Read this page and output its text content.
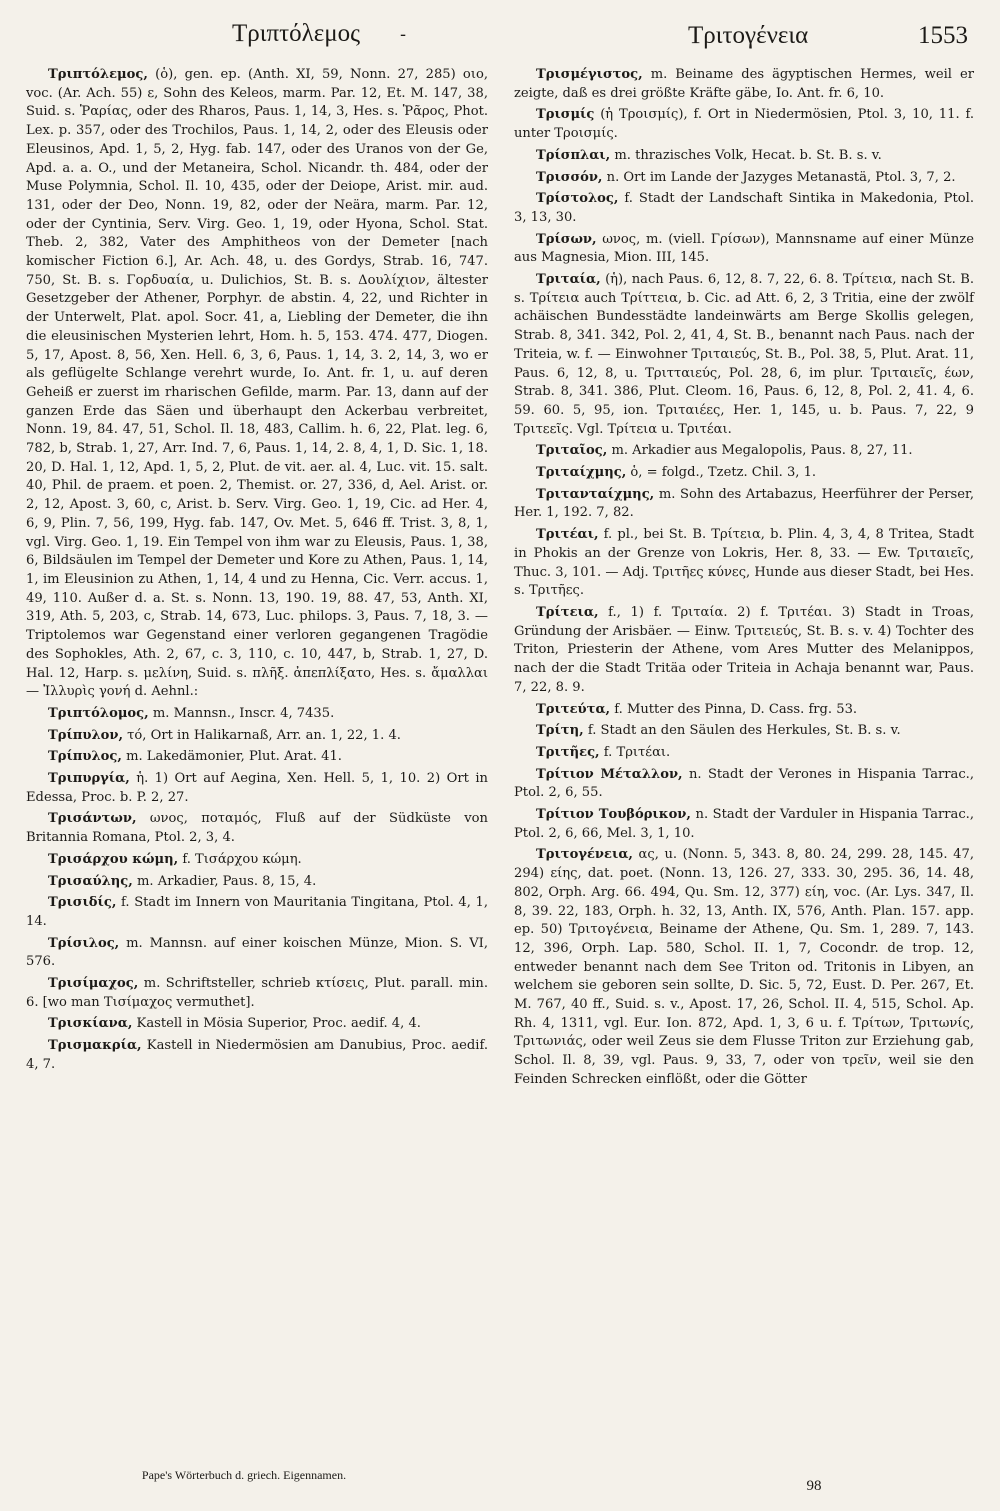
Τριπτόλεμος -	Τριτογένεια	1553

Τριπτόλεμος, (ὁ), gen. ep. (Anth. XI, 59, Nonn. 27, 285) οιο, voc. (Ar. Ach. 55) ε, Sohn des Keleos, marm. Par. 12, Et. M. 147, 38, Suid. s. Ῥαρίας, oder des Rharos, Paus. 1, 14, 3, Hes. s. Ῥᾶρος, Phot. Lex. p. 357, oder des Trochilos, Paus. 1, 14, 2, oder des Eleusis oder Eleusinos, Apd. 1, 5, 2, Hyg. fab. 147, oder des Uranos von der Ge, Apd. a. a. O., und der Metaneira, Schol. Nicandr. th. 484, oder der Muse Polymnia, Schol. Il. 10, 435, oder der Deiope, Arist. mir. aud. 131, oder der Deo, Nonn. 19, 82, oder der Neära, marm. Par. 12, oder der Cyntinia, Serv. Virg. Geo. 1, 19, oder Hyona, Schol. Stat. Theb. 2, 382, Vater des Amphitheos von der Demeter [nach komischer Fiction 6.], Ar. Ach. 48, u. des Gordys, Strab. 16, 747. 750, St. B. s. Γορδυαία, u. Dulichios, St. B. s. Δουλίχιον, ältester Gesetzgeber der Athener, Porphyr. de abstin. 4, 22, und Richter in der Unterwelt, Plat. apol. Socr. 41, a, Liebling der Demeter, die ihn die eleusinischen Mysterien lehrt, Hom. h. 5, 153. 474. 477, Diogen. 5, 17, Apost. 8, 56, Xen. Hell. 6, 3, 6, Paus. 1, 14, 3. 2, 14, 3, wo er als geflügelte Schlange verehrt wurde, Io. Ant. fr. 1, u. auf deren Geheiß er zuerst im rharischen Gefilde, marm. Par. 13, dann auf der ganzen Erde das Säen und überhaupt den Ackerbau verbreitet, Nonn. 19, 84. 47, 51, Schol. Il. 18, 483, Callim. h. 6, 22, Plat. leg. 6, 782, b, Strab. 1, 27, Arr. Ind. 7, 6, Paus. 1, 14, 2. 8, 4, 1, D. Sic. 1, 18. 20, D. Hal. 1, 12, Apd. 1, 5, 2, Plut. de vit. aer. al. 4, Luc. vit. 15. salt. 40, Phil. de praem. et poen. 2, Themist. or. 27, 336, d, Ael. Arist. or. 2, 12, Apost. 3, 60, c, Arist. b. Serv. Virg. Geo. 1, 19, Cic. ad Her. 4, 6, 9, Plin. 7, 56, 199, Hyg. fab. 147, Ov. Met. 5, 646 ff. Trist. 3, 8, 1, vgl. Virg. Geo. 1, 19. Ein Tempel von ihm war zu Eleusis, Paus. 1, 38, 6, Bildsäulen im Tempel der Demeter und Kore zu Athen, Paus. 1, 14, 1, im Eleusinion zu Athen, 1, 14, 4 und zu Henna, Cic. Verr. accus. 1, 49, 110. Außer d. a. St. s. Nonn. 13, 190. 19, 88. 47, 53, Anth. XI, 319, Ath. 5, 203, c, Strab. 14, 673, Luc. philops. 3, Paus. 7, 18, 3. — Triptolemos war Gegenstand einer verloren gegangenen Tragödie des Sophokles, Ath. 2, 67, c. 3, 110, c. 10, 447, b, Strab. 1, 27, D. Hal. 12, Harp. s. μελίνη, Suid. s. πλῆξ. ἀπεπλίξατο, Hes. s. ἄμαλλαι — Ἰλλυρὶς γονή d. Aehnl.:

Τριπτόλομος, m. Mannsn., Inscr. 4, 7435.

Τρίπυλον, τό, Ort in Halikarnaß, Arr. an. 1, 22, 1. 4.

Τρίπυλος, m. Lakedämonier, Plut. Arat. 41.

Τριπυργία, ἡ. 1) Ort auf Aegina, Xen. Hell. 5, 1, 10. 2) Ort in Edessa, Proc. b. P. 2, 27.

Τρισάντων, ωνος, ποταμός, Fluß auf der Südküste von Britannia Romana, Ptol. 2, 3, 4.

Τρισάρχου κώμη, f. Τισάρχου κώμη.

Τρισαύλης, m. Arkadier, Paus. 8, 15, 4.

Τρισιδίς, f. Stadt im Innern von Mauritania Tingitana, Ptol. 4, 1, 14.

Τρίσιλος, m. Mannsn. auf einer koischen Münze, Mion. S. VI, 576.

Τρισίμαχος, m. Schriftsteller, schrieb κτίσεις, Plut. parall. min. 6. [wo man Τισίμαχος vermuthet].

Τρισκίανα, Kastell in Mösia Superior, Proc. aedif. 4, 4.

Τρισμακρία, Kastell in Niedermösien am Danubius, Proc. aedif. 4, 7.

Τρισμέγιστος, m. Beiname des ägyptischen Hermes, weil er zeigte, daß es drei größte Kräfte gäbe, Io. Ant. fr. 6, 10.

Τρισμίς (ἡ Τροισμίς), f. Ort in Niedermösien, Ptol. 3, 10, 11. f. unter Τροισμίς.

Τρίσπλαι, m. thrazisches Volk, Hecat. b. St. B. s. v.

Τρισσόν, n. Ort im Lande der Jazyges Metanastä, Ptol. 3, 7, 2.

Τρίστολος, f. Stadt der Landschaft Sintika in Makedonia, Ptol. 3, 13, 30.

Τρίσων, ωνος, m. (viell. Γρίσων), Mannsname auf einer Münze aus Magnesia, Mion. III, 145.

Τριταία, (ἡ), nach Paus. 6, 12, 8. 7, 22, 6. 8. Τρίτεια, nach St. B. s. Τρίτεια auch Τρίττεια, b. Cic. ad Att. 6, 2, 3 Tritia, eine der zwölf achäischen Bundesstädte landeinwärts am Berge Skollis gelegen, Strab. 8, 341. 342, Pol. 2, 41, 4, St. B., benannt nach Paus. nach der Triteia, w. f. — Einwohner Τριταιεύς, St. B., Pol. 38, 5, Plut. Arat. 11, Paus. 6, 12, 8, u. Τριτταιεύς, Pol. 28, 6, im plur. Τριταιεῖς, έων, Strab. 8, 341. 386, Plut. Cleom. 16, Paus. 6, 12, 8, Pol. 2, 41. 4, 6. 59. 60. 5, 95, ion. Τριταιέες, Her. 1, 145, u. b. Paus. 7, 22, 9 Τριτεεῖς. Vgl. Τρίτεια u. Τριτέαι.

Τριταῖος, m. Arkadier aus Megalopolis, Paus. 8, 27, 11.

Τριταίχμης, ὁ, = folgd., Tzetz. Chil. 3, 1.

Τριτανταίχμης, m. Sohn des Artabazus, Heerführer der Perser, Her. 1, 192. 7, 82.

Τριτέαι, f. pl., bei St. B. Τρίτεια, b. Plin. 4, 3, 4, 8 Tritea, Stadt in Phokis an der Grenze von Lokris, Her. 8, 33. — Ew. Τριταιεῖς, Thuc. 3, 101. — Adj. Τριτῆες κύνες, Hunde aus dieser Stadt, bei Hes. s. Τριτῆες.

Τρίτεια, f., 1) f. Τριταία. 2) f. Τριτέαι. 3) Stadt in Troas, Gründung der Arisbäer. — Einw. Τριτειεύς, St. B. s. v. 4) Tochter des Triton, Priesterin der Athene, vom Ares Mutter des Melanippos, nach der die Stadt Tritäa oder Triteia in Achaja benannt war, Paus. 7, 22, 8. 9.

Τριτεύτα, f. Mutter des Pinna, D. Cass. frg. 53.

Τρίτη, f. Stadt an den Säulen des Herkules, St. B. s. v.

Τριτῆες, f. Τριτέαι.

Τρίτιον Μέταλλον, n. Stadt der Verones in Hispania Tarrac., Ptol. 2, 6, 55.

Τρίτιον Τουβόρικον, n. Stadt der Varduler in Hispania Tarrac., Ptol. 2, 6, 66, Mel. 3, 1, 10.

Τριτογένεια, ας, u. (Nonn. 5, 343. 8, 80. 24, 299. 28, 145. 47, 294) είης, dat. poet. (Nonn. 13, 126. 27, 333. 30, 295. 36, 14. 48, 802, Orph. Arg. 66. 494, Qu. Sm. 12, 377) είη, voc. (Ar. Lys. 347, Il. 8, 39. 22, 183, Orph. h. 32, 13, Anth. IX, 576, Anth. Plan. 157. app. ep. 50) Τριτογένεια, Beiname der Athene, Qu. Sm. 1, 289. 7, 143. 12, 396, Orph. Lap. 580, Schol. II. 1, 7, Cocondr. de trop. 12, entweder benannt nach dem See Triton od. Tritonis in Libyen, an welchem sie geboren sein sollte, D. Sic. 5, 72, Eust. D. Per. 267, Et. M. 767, 40 ff., Suid. s. v., Apost. 17, 26, Schol. II. 4, 515, Schol. Ap. Rh. 4, 1311, vgl. Eur. Ion. 872, Apd. 1, 3, 6 u. f. Τρίτων, Τριτωνίς, Τριτωνιάς, oder weil Zeus sie dem Flusse Triton zur Erziehung gab, Schol. Il. 8, 39, vgl. Paus. 9, 33, 7, oder von τρεῖν, weil sie den Feinden Schrecken einflößt, oder die Götter

Pape's Wörterbuch d. griech. Eigennamen.
98
